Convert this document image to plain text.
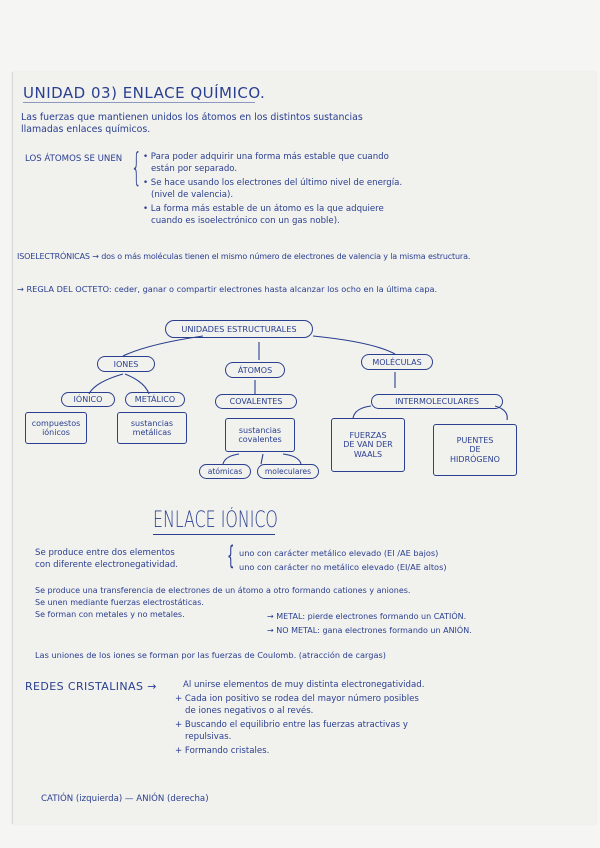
UNIDAD 03) ENLACE QUÍMICO.
Las fuerzas que mantienen unidos los átomos en los distintos sustancias
llamadas enlaces químicos.
LOS ÁTOMOS SE UNEN { • Para poder adquirir una forma más estable que cuando
están por separado.
• Se hace usando los electrones del último nivel de energía.
(nivel de valencia).
• La forma más estable de un átomo es la que adquiere
cuando es isoelectrónico con un gas noble).
ISOELECTRÓNICAS → dos o más moléculas tienen el mismo número de electrones de valencia y la misma estructura.
→ REGLA DEL OCTETO: ceder, ganar o compartir electrones hasta alcanzar los ocho en la última capa.
UNIDADES ESTRUCTURALES
IONES
ÁTOMOS
MOLÉCULAS
IÓNICO	METÁLICO	COVALENTES	INTERMOLECULARES
compuestos
iónicos
sustancias
metálicas	sustancias
covalentes
atómicas	moleculares
FUERZAS
DE VAN DER
WAALS
PUENTES
DE
HIDRÓGENO
ENLACE IÓNICO
Se produce entre dos elementos
con diferente electronegatividad. { uno con carácter metálico elevado (EI /AE bajos)
uno con carácter no metálico elevado (EI/AE altos)
Se produce una transferencia de electrones de un átomo a otro formando cationes y aniones.
Se unen mediante fuerzas electrostáticas.
Se forman con metales y no metales.	→ METAL: pierde electrones formando un CATIÓN.
→ NO METAL: gana electrones formando un ANIÓN.
Las uniones de los iones se forman por las fuerzas de Coulomb. (atracción de cargas)
REDES CRISTALINAS →	Al unirse elementos de muy distinta electronegatividad.
+ Cada ion positivo se rodea del mayor número posibles
de iones negativos o al revés.
+ Buscando el equilibrio entre las fuerzas atractivas y
repulsivas.
+ Formando cristales.
CATIÓN (izquierda) — ANIÓN (derecha)
